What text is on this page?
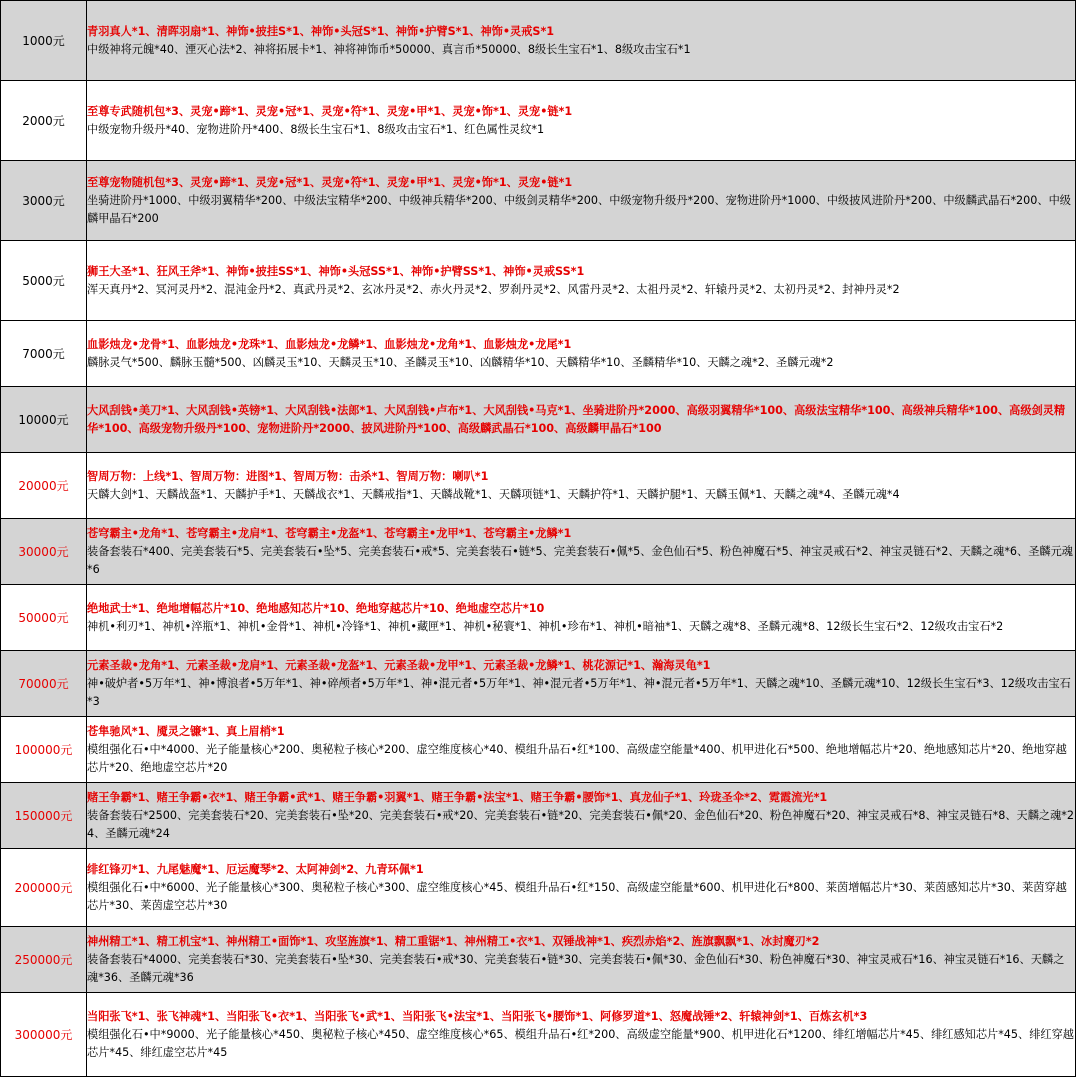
1000元	青羽真人*1、清晖羽扇*1、神饰•披挂S*1、神饰•头冠S*1、神饰•护臂S*1、神饰•灵戒S*1
中级神将元魄*40、湮灭心法*2、神将拓展卡*1、神将神饰币*50000、真言币*50000、8级长生宝石*1、8级攻击宝石*1

2000元	至尊专武随机包*3、灵宠•蹄*1、灵宠•冠*1、灵宠•符*1、灵宠•甲*1、灵宠•饰*1、灵宠•链*1
中级宠物升级丹*40、宠物进阶丹*400、8级长生宝石*1、8级攻击宝石*1、红色属性灵纹*1

3000元	至尊宠物随机包*3、灵宠•蹄*1、灵宠•冠*1、灵宠•符*1、灵宠•甲*1、灵宠•饰*1、灵宠•链*1
坐骑进阶丹*1000、中级羽翼精华*200、中级法宝精华*200、中级神兵精华*200、中级剑灵精华*200、中级宠物升级丹*200、宠物进阶丹*1000、中级披风进阶丹*200、中级麟武晶石*200、中级麟甲晶石*200

5000元	狮王大圣*1、狂风王斧*1、神饰•披挂SS*1、神饰•头冠SS*1、神饰•护臂SS*1、神饰•灵戒SS*1
浑天真丹*2、冥河灵丹*2、混沌金丹*2、真武丹灵*2、玄冰丹灵*2、赤火丹灵*2、罗刹丹灵*2、风雷丹灵*2、太祖丹灵*2、轩辕丹灵*2、太初丹灵*2、封神丹灵*2

7000元	血影烛龙•龙骨*1、血影烛龙•龙珠*1、血影烛龙•龙鳞*1、血影烛龙•龙角*1、血影烛龙•龙尾*1
麟脉灵气*500、麟脉玉髓*500、凶麟灵玉*10、天麟灵玉*10、圣麟灵玉*10、凶麟精华*10、天麟精华*10、圣麟精华*10、天麟之魂*2、圣麟元魂*2

10000元	大风刮钱•美刀*1、大风刮钱•英镑*1、大风刮钱•法郎*1、大风刮钱•卢布*1、大风刮钱•马克*1、坐骑进阶丹*2000、高级羽翼精华*100、高级法宝精华*100、高级神兵精华*100、高级剑灵精华*100、高级宠物升级丹*100、宠物进阶丹*2000、披风进阶丹*100、高级麟武晶石*100、高级麟甲晶石*100

20000元	智周万物：上线*1、智周万物：进图*1、智周万物：击杀*1、智周万物：喇叭*1
天麟大剑*1、天麟战盔*1、天麟护手*1、天麟战衣*1、天麟戒指*1、天麟战靴*1、天麟项链*1、天麟护符*1、天麟护腿*1、天麟玉佩*1、天麟之魂*4、圣麟元魂*4

30000元	苍穹霸主•龙角*1、苍穹霸主•龙肩*1、苍穹霸主•龙盔*1、苍穹霸主•龙甲*1、苍穹霸主•龙鳞*1
装备套装石*400、完美套装石*5、完美套装石•坠*5、完美套装石•戒*5、完美套装石•链*5、完美套装石•佩*5、金色仙石*5、粉色神魔石*5、神宝灵戒石*2、神宝灵链石*2、天麟之魂*6、圣麟元魂*6

50000元	绝地武士*1、绝地增幅芯片*10、绝地感知芯片*10、绝地穿越芯片*10、绝地虚空芯片*10
神机•利刃*1、神机•淬瓶*1、神机•金骨*1、神机•冷锋*1、神机•藏匣*1、神机•秘寰*1、神机•珍布*1、神机•暗袖*1、天麟之魂*8、圣麟元魂*8、12级长生宝石*2、12级攻击宝石*2

70000元	元素圣裁•龙角*1、元素圣裁•龙肩*1、元素圣裁•龙盔*1、元素圣裁•龙甲*1、元素圣裁•龙鳞*1、桃花源记*1、瀚海灵龟*1
神•破炉者•5万年*1、神•博浪者•5万年*1、神•碎颅者•5万年*1、神•混元者•5万年*1、神•混元者•5万年*1、神•混元者•5万年*1、天麟之魂*10、圣麟元魂*10、12级长生宝石*3、12级攻击宝石*3

100000元	苍隼驰风*1、魇灵之镰*1、真上眉梢*1
模组强化石•中*4000、光子能量核心*200、奥秘粒子核心*200、虚空维度核心*40、模组升品石•红*100、高级虚空能量*400、机甲进化石*500、绝地增幅芯片*20、绝地感知芯片*20、绝地穿越芯片*20、绝地虚空芯片*20

150000元	赌王争霸*1、赌王争霸•衣*1、赌王争霸•武*1、赌王争霸•羽翼*1、赌王争霸•法宝*1、赌王争霸•腰饰*1、真龙仙子*1、玲珑圣伞*2、霓霞流光*1
装备套装石*2500、完美套装石*20、完美套装石•坠*20、完美套装石•戒*20、完美套装石•链*20、完美套装石•佩*20、金色仙石*20、粉色神魔石*20、神宝灵戒石*8、神宝灵链石*8、天麟之魂*24、圣麟元魂*24

200000元	绯红锋刃*1、九尾魅魔*1、厄运魔琴*2、太阿神剑*2、九青环佩*1
模组强化石•中*6000、光子能量核心*300、奥秘粒子核心*300、虚空维度核心*45、模组升品石•红*150、高级虚空能量*600、机甲进化石*800、莱茵增幅芯片*30、莱茵感知芯片*30、莱茵穿越芯片*30、莱茵虚空芯片*30

250000元	神州精工*1、精工机宝*1、神州精工•面饰*1、攻坚旌旗*1、精工重锯*1、神州精工•衣*1、双锤战神*1、疾烈赤焰*2、旌旗飘飘*1、冰封魔刃*2
装备套装石*4000、完美套装石*30、完美套装石•坠*30、完美套装石•戒*30、完美套装石•链*30、完美套装石•佩*30、金色仙石*30、粉色神魔石*30、神宝灵戒石*16、神宝灵链石*16、天麟之魂*36、圣麟元魂*36

300000元	当阳张飞*1、张飞神魂*1、当阳张飞•衣*1、当阳张飞•武*1、当阳张飞•法宝*1、当阳张飞•腰饰*1、阿修罗道*1、怒魔战锤*2、轩辕神剑*1、百炼玄机*3
模组强化石•中*9000、光子能量核心*450、奥秘粒子核心*450、虚空维度核心*65、模组升品石•红*200、高级虚空能量*900、机甲进化石*1200、绯红增幅芯片*45、绯红感知芯片*45、绯红穿越芯片*45、绯红虚空芯片*45
